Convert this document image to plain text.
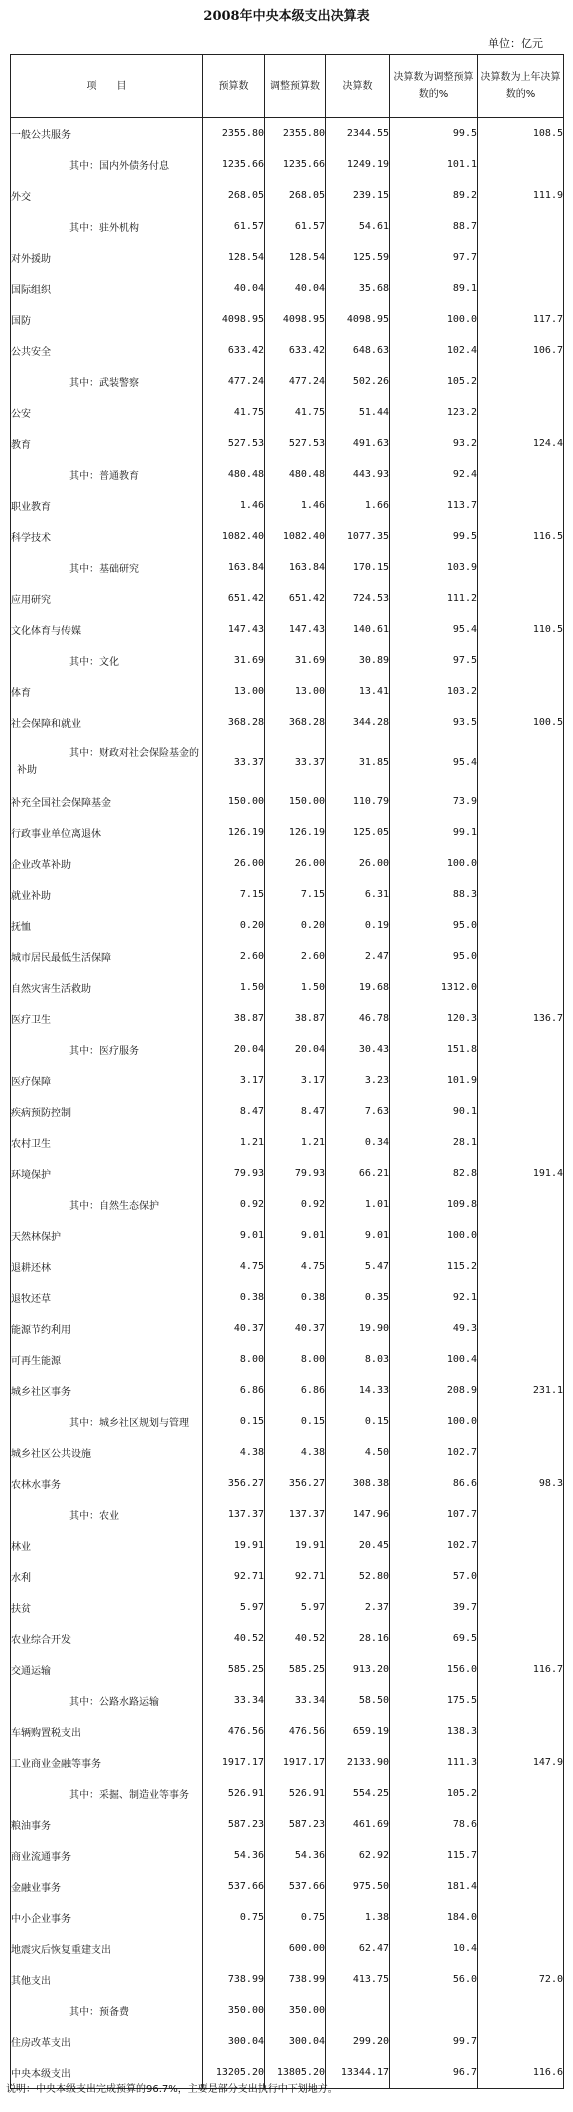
2008年中央本级支出决算表
单位：亿元
项　　目	预算数	调整预算数	决算数	决算数为调整预算数的%	决算数为上年决算数的%
一般公共服务	2355.80	2355.80	2344.55	99.5	108.5
其中：国内外债务付息	1235.66	1235.66	1249.19	101.1	
外交	268.05	268.05	239.15	89.2	111.9
其中：驻外机构	61.57	61.57	54.61	88.7	
对外援助	128.54	128.54	125.59	97.7	
国际组织	40.04	40.04	35.68	89.1	
国防	4098.95	4098.95	4098.95	100.0	117.7
公共安全	633.42	633.42	648.63	102.4	106.7
其中：武装警察	477.24	477.24	502.26	105.2	
公安	41.75	41.75	51.44	123.2	
教育	527.53	527.53	491.63	93.2	124.4
其中：普通教育	480.48	480.48	443.93	92.4	
职业教育	1.46	1.46	1.66	113.7	
科学技术	1082.40	1082.40	1077.35	99.5	116.5
其中：基础研究	163.84	163.84	170.15	103.9	
应用研究	651.42	651.42	724.53	111.2	
文化体育与传媒	147.43	147.43	140.61	95.4	110.5
其中：文化	31.69	31.69	30.89	97.5	
体育	13.00	13.00	13.41	103.2	
社会保障和就业	368.28	368.28	344.28	93.5	100.5
其中：财政对社会保险基金的补助	33.37	33.37	31.85	95.4	
补充全国社会保障基金	150.00	150.00	110.79	73.9	
行政事业单位离退休	126.19	126.19	125.05	99.1	
企业改革补助	26.00	26.00	26.00	100.0	
就业补助	7.15	7.15	6.31	88.3	
抚恤	0.20	0.20	0.19	95.0	
城市居民最低生活保障	2.60	2.60	2.47	95.0	
自然灾害生活救助	1.50	1.50	19.68	1312.0	
医疗卫生	38.87	38.87	46.78	120.3	136.7
其中：医疗服务	20.04	20.04	30.43	151.8	
医疗保障	3.17	3.17	3.23	101.9	
疾病预防控制	8.47	8.47	7.63	90.1	
农村卫生	1.21	1.21	0.34	28.1	
环境保护	79.93	79.93	66.21	82.8	191.4
其中：自然生态保护	0.92	0.92	1.01	109.8	
天然林保护	9.01	9.01	9.01	100.0	
退耕还林	4.75	4.75	5.47	115.2	
退牧还草	0.38	0.38	0.35	92.1	
能源节约利用	40.37	40.37	19.90	49.3	
可再生能源	8.00	8.00	8.03	100.4	
城乡社区事务	6.86	6.86	14.33	208.9	231.1
其中：城乡社区规划与管理	0.15	0.15	0.15	100.0	
城乡社区公共设施	4.38	4.38	4.50	102.7	
农林水事务	356.27	356.27	308.38	86.6	98.3
其中：农业	137.37	137.37	147.96	107.7	
林业	19.91	19.91	20.45	102.7	
水利	92.71	92.71	52.80	57.0	
扶贫	5.97	5.97	2.37	39.7	
农业综合开发	40.52	40.52	28.16	69.5	
交通运输	585.25	585.25	913.20	156.0	116.7
其中：公路水路运输	33.34	33.34	58.50	175.5	
车辆购置税支出	476.56	476.56	659.19	138.3	
工业商业金融等事务	1917.17	1917.17	2133.90	111.3	147.9
其中：采掘、制造业等事务	526.91	526.91	554.25	105.2	
粮油事务	587.23	587.23	461.69	78.6	
商业流通事务	54.36	54.36	62.92	115.7	
金融业事务	537.66	537.66	975.50	181.4	
中小企业事务	0.75	0.75	1.38	184.0	
地震灾后恢复重建支出		600.00	62.47	10.4	
其他支出	738.99	738.99	413.75	56.0	72.0
其中：预备费	350.00	350.00			
住房改革支出	300.04	300.04	299.20	99.7	
中央本级支出	13205.20	13805.20	13344.17	96.7	116.6
说明：中央本级支出完成预算的96.7%，主要是部分支出执行中下划地方。
